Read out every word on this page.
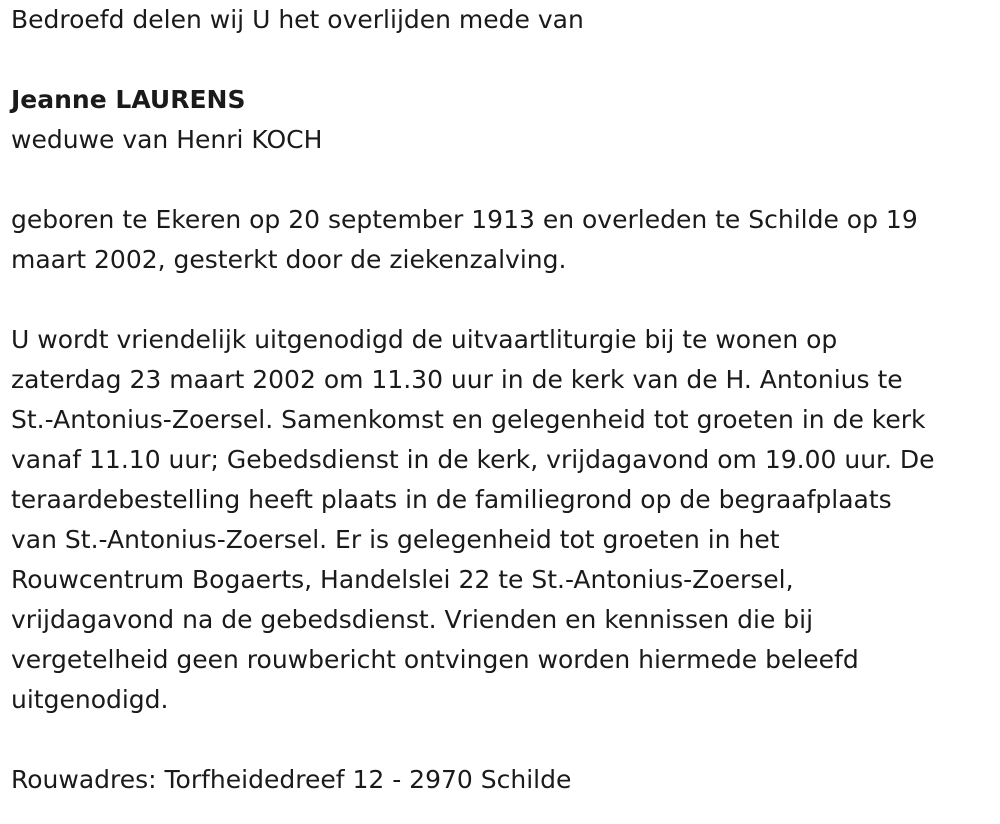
Bedroefd delen wij U het overlijden mede van

Jeanne LAURENS

weduwe van Henri KOCH

geboren te Ekeren op 20 september 1913 en overleden te Schilde op 19

maart 2002, gesterkt door de ziekenzalving.

U wordt vriendelijk uitgenodigd de uitvaartliturgie bij te wonen op

zaterdag 23 maart 2002 om 11.30 uur in de kerk van de H. Antonius te

St.-Antonius-Zoersel. Samenkomst en gelegenheid tot groeten in de kerk

vanaf 11.10 uur; Gebedsdienst in de kerk, vrijdagavond om 19.00 uur. De

teraardebestelling heeft plaats in de familiegrond op de begraafplaats

van St.-Antonius-Zoersel. Er is gelegenheid tot groeten in het

Rouwcentrum Bogaerts, Handelslei 22 te St.-Antonius-Zoersel,

vrijdagavond na de gebedsdienst. Vrienden en kennissen die bij

vergetelheid geen rouwbericht ontvingen worden hiermede beleefd

uitgenodigd.

Rouwadres: Torfheidedreef 12 - 2970 Schilde
